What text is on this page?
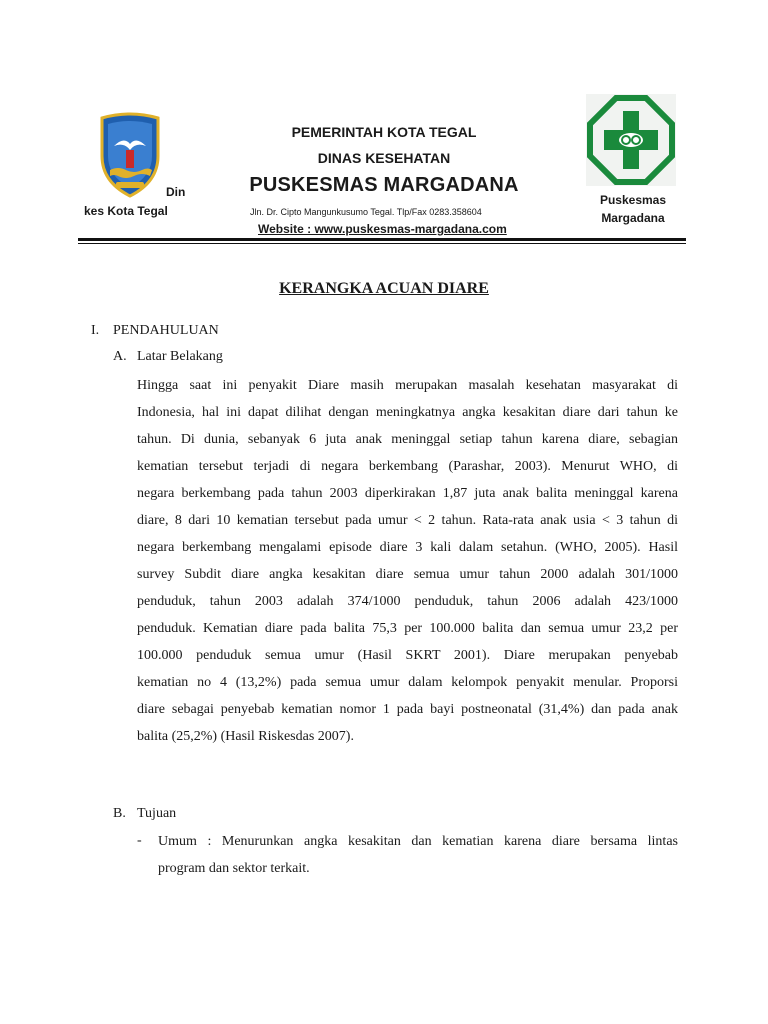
Din
kes Kota Tegal
PEMERINTAH KOTA TEGAL
DINAS KESEHATAN
PUSKESMAS MARGADANA
Jln. Dr. Cipto Mangunkusumo Tegal. Tlp/Fax 0283.358604
Website : www.puskesmas-margadana.com
Puskesmas
Margadana
KERANGKA ACUAN DIARE
I. PENDAHULUAN
A. Latar Belakang
Hingga saat ini penyakit Diare masih merupakan masalah kesehatan masyarakat di
Indonesia, hal ini dapat dilihat dengan meningkatnya angka kesakitan diare dari tahun ke
tahun. Di dunia, sebanyak 6 juta anak meninggal setiap tahun karena diare, sebagian
kematian tersebut terjadi di negara berkembang (Parashar, 2003). Menurut WHO, di
negara berkembang pada tahun 2003 diperkirakan 1,87 juta anak balita meninggal karena
diare, 8 dari 10 kematian tersebut pada umur < 2 tahun. Rata-rata anak usia < 3 tahun di
negara berkembang mengalami episode diare 3 kali dalam setahun. (WHO, 2005). Hasil
survey Subdit diare angka kesakitan diare semua umur tahun 2000 adalah 301/1000
penduduk, tahun 2003 adalah 374/1000 penduduk, tahun 2006 adalah 423/1000
penduduk. Kematian diare pada balita 75,3 per 100.000 balita dan semua umur 23,2 per
100.000 penduduk semua umur (Hasil SKRT 2001). Diare merupakan penyebab
kematian no 4 (13,2%) pada semua umur dalam kelompok penyakit menular. Proporsi
diare sebagai penyebab kematian nomor 1 pada bayi postneonatal (31,4%) dan pada anak
balita (25,2%) (Hasil Riskesdas 2007).
B. Tujuan
- Umum : Menurunkan angka kesakitan dan kematian karena diare bersama lintas
program dan sektor terkait.
